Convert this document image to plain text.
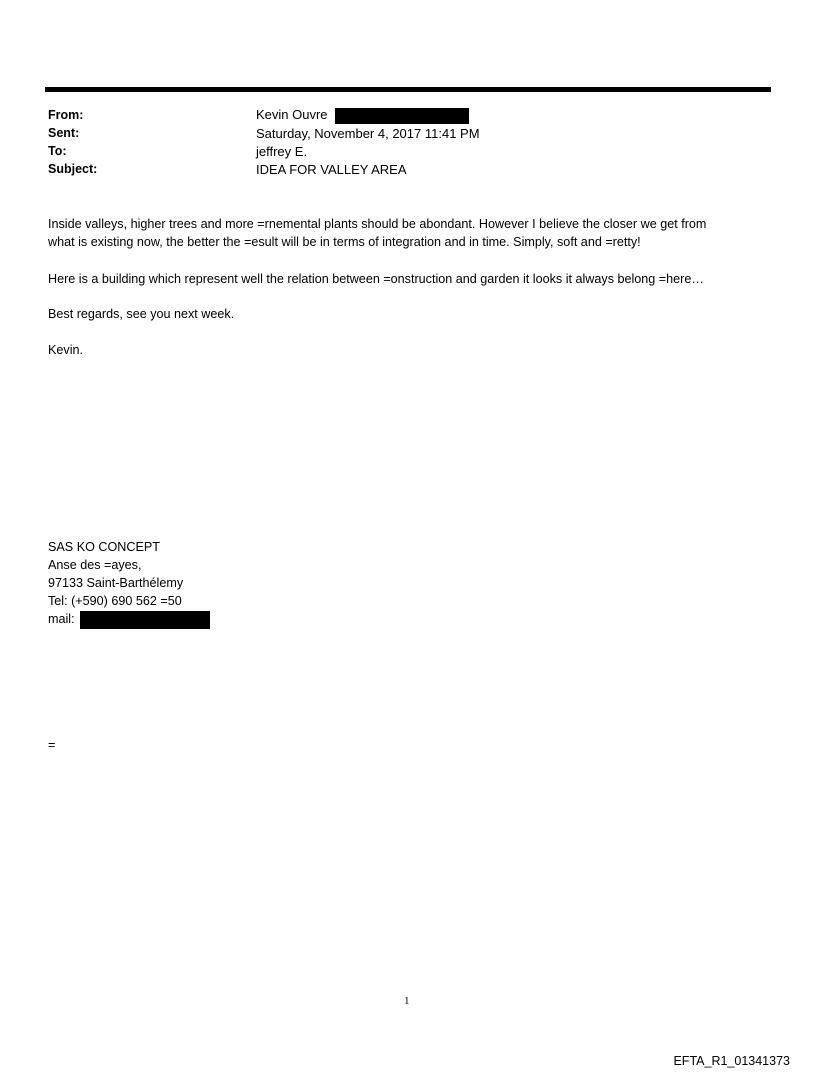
From:	Kevin Ouvre
Sent:	Saturday, November 4, 2017 11:41 PM
To:	jeffrey E.
Subject:	IDEA FOR VALLEY AREA
Inside valleys, higher trees and more =rnemental plants should be abondant. However I believe the closer we get from
what is existing now, the better the =esult will be in terms of integration and in time. Simply, soft and =retty!
Here is a building which represent well the relation between =onstruction and garden it looks it always belong =here…
Best regards, see you next week.
Kevin.
SAS KO CONCEPT
Anse des =ayes,
97133 Saint-Barthélemy
Tel: (+590) 690 562 =50
mail:
=
1
EFTA_R1_01341373
